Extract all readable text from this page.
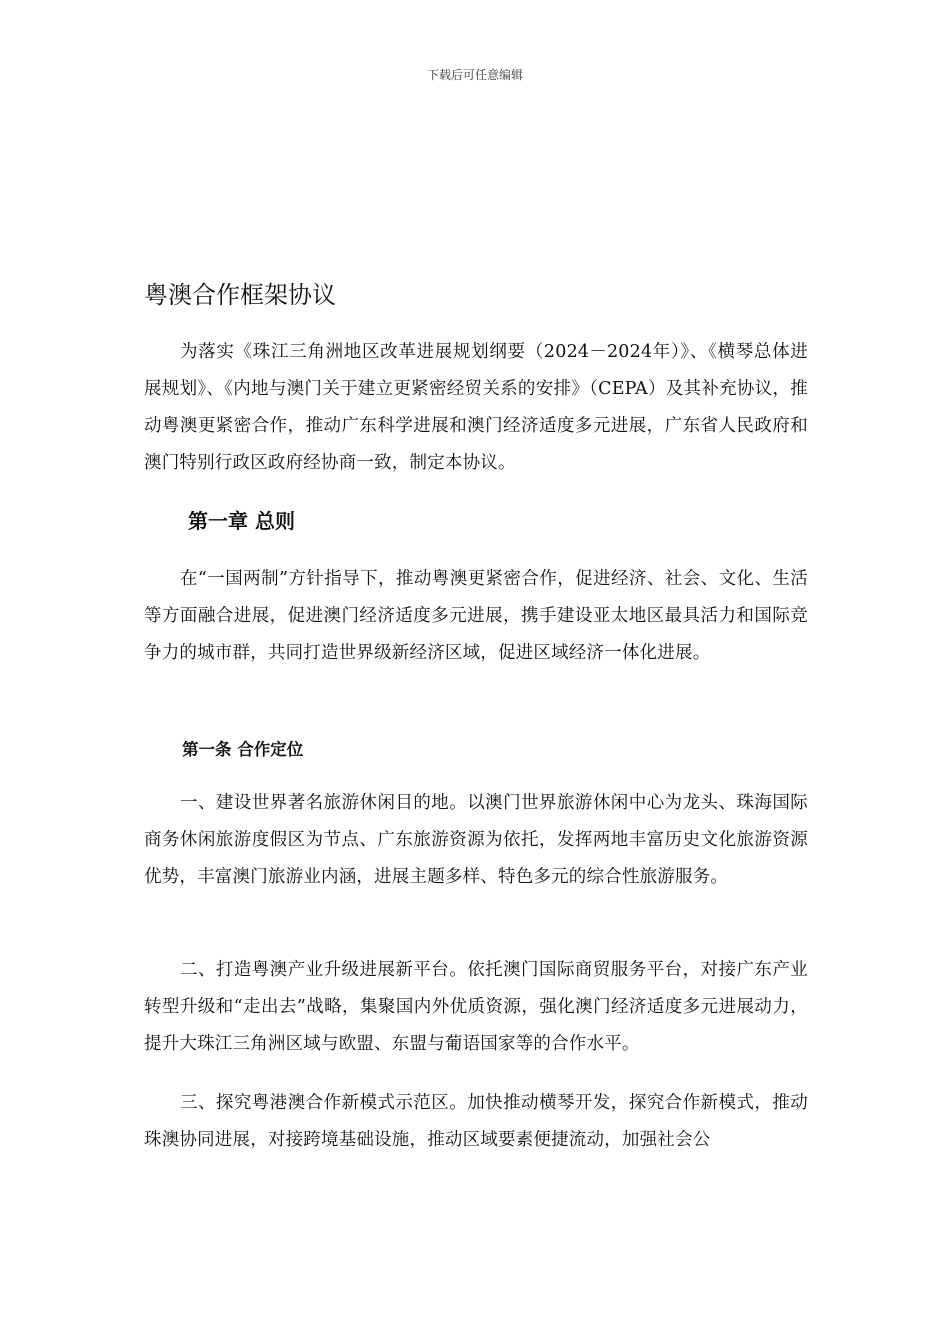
下载后可任意编辑
粤澳合作框架协议

为落实《珠江三角洲地区改革进展规划纲要（2024－2024年）》、《横琴总体进展规划》、《内地与澳门关于建立更紧密经贸关系的安排》（CEPA）及其补充协议，推动粤澳更紧密合作，推动广东科学进展和澳门经济适度多元进展，广东省人民政府和澳门特别行政区政府经协商一致，制定本协议。

第一章 总则

在“一国两制”方针指导下，推动粤澳更紧密合作，促进经济、社会、文化、生活等方面融合进展，促进澳门经济适度多元进展，携手建设亚太地区最具活力和国际竞争力的城市群，共同打造世界级新经济区域，促进区域经济一体化进展。

第一条 合作定位

一、建设世界著名旅游休闲目的地。以澳门世界旅游休闲中心为龙头、珠海国际商务休闲旅游度假区为节点、广东旅游资源为依托，发挥两地丰富历史文化旅游资源优势，丰富澳门旅游业内涵，进展主题多样、特色多元的综合性旅游服务。

二、打造粤澳产业升级进展新平台。依托澳门国际商贸服务平台，对接广东产业转型升级和“走出去”战略，集聚国内外优质资源，强化澳门经济适度多元进展动力，提升大珠江三角洲区域与欧盟、东盟与葡语国家等的合作水平。

三、探究粤港澳合作新模式示范区。加快推动横琴开发，探究合作新模式，推动珠澳协同进展，对接跨境基础设施，推动区域要素便捷流动，加强社会公
